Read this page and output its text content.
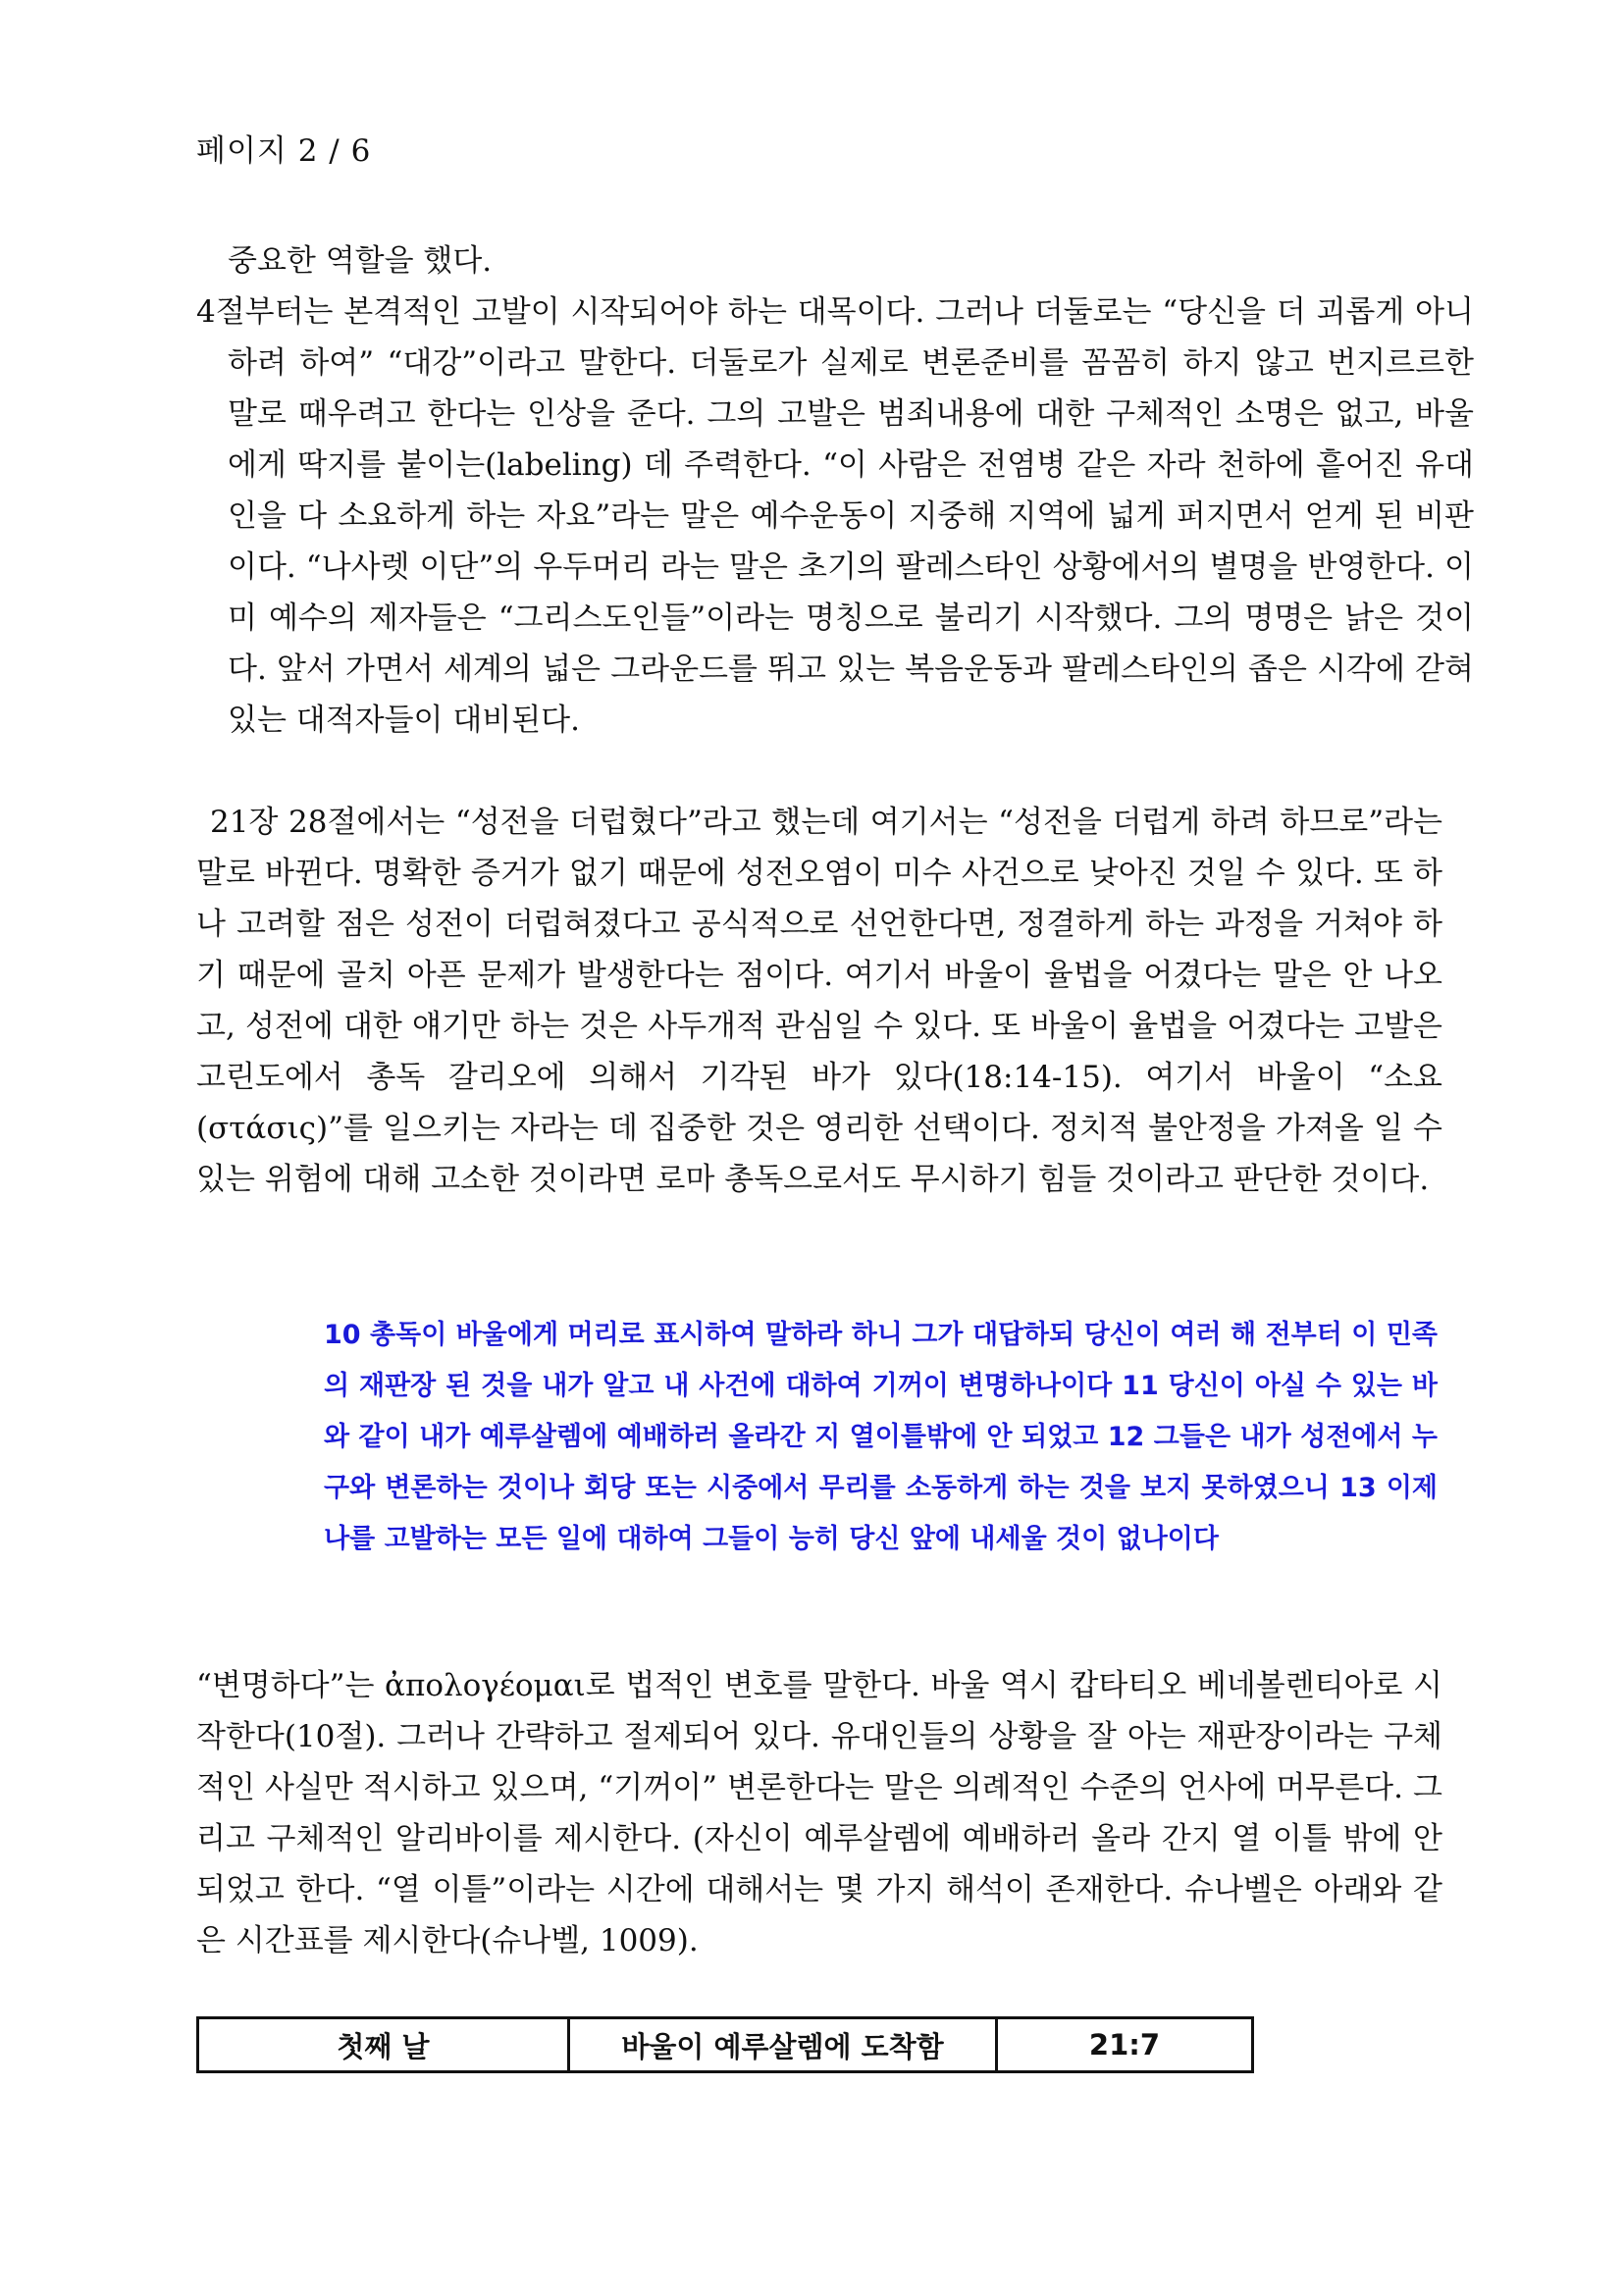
페이지 2 / 6
중요한 역할을 했다.
4절부터는 본격적인 고발이 시작되어야 하는 대목이다. 그러나 더둘로는 “당신을 더 괴롭게 아니하려 하여” “대강”이라고 말한다. 더둘로가 실제로 변론준비를 꼼꼼히 하지 않고 번지르르한 말로 때우려고 한다는 인상을 준다. 그의 고발은 범죄내용에 대한 구체적인 소명은 없고, 바울에게 딱지를 붙이는(labeling) 데 주력한다. “이 사람은 전염병 같은 자라 천하에 흩어진 유대인을 다 소요하게 하는 자요”라는 말은 예수운동이 지중해 지역에 넓게 퍼지면서 얻게 된 비판이다. “나사렛 이단”의 우두머리 라는 말은 초기의 팔레스타인 상황에서의 별명을 반영한다. 이미 예수의 제자들은 “그리스도인들”이라는 명칭으로 불리기 시작했다. 그의 명명은 낡은 것이다. 앞서 가면서 세계의 넓은 그라운드를 뛰고 있는 복음운동과 팔레스타인의 좁은 시각에 갇혀 있는 대적자들이 대비된다.
21장 28절에서는 “성전을 더럽혔다”라고 했는데 여기서는 “성전을 더럽게 하려 하므로”라는 말로 바뀐다. 명확한 증거가 없기 때문에 성전오염이 미수 사건으로 낮아진 것일 수 있다. 또 하나 고려할 점은 성전이 더럽혀졌다고 공식적으로 선언한다면, 정결하게 하는 과정을 거쳐야 하기 때문에 골치 아픈 문제가 발생한다는 점이다. 여기서 바울이 율법을 어겼다는 말은 안 나오고, 성전에 대한 얘기만 하는 것은 사두개적 관심일 수 있다. 또 바울이 율법을 어겼다는 고발은 고린도에서 총독 갈리오에 의해서 기각된 바가 있다(18:14-15). 여기서 바울이 “소요(στάσις)”를 일으키는 자라는 데 집중한 것은 영리한 선택이다. 정치적 불안정을 가져올 일 수 있는 위험에 대해 고소한 것이라면 로마 총독으로서도 무시하기 힘들 것이라고 판단한 것이다.
10 총독이 바울에게 머리로 표시하여 말하라 하니 그가 대답하되 당신이 여러 해 전부터 이 민족의 재판장 된 것을 내가 알고 내 사건에 대하여 기꺼이 변명하나이다 11 당신이 아실 수 있는 바와 같이 내가 예루살렘에 예배하러 올라간 지 열이틀밖에 안 되었고 12 그들은 내가 성전에서 누구와 변론하는 것이나 회당 또는 시중에서 무리를 소동하게 하는 것을 보지 못하였으니 13 이제 나를 고발하는 모든 일에 대하여 그들이 능히 당신 앞에 내세울 것이 없나이다
“변명하다”는 ἀπολογέομαι로 법적인 변호를 말한다. 바울 역시 캅타티오 베네볼렌티아로 시작한다(10절). 그러나 간략하고 절제되어 있다. 유대인들의 상황을 잘 아는 재판장이라는 구체적인 사실만 적시하고 있으며, “기꺼이” 변론한다는 말은 의례적인 수준의 언사에 머무른다. 그리고 구체적인 알리바이를 제시한다. (자신이 예루살렘에 예배하러 올라 간지 열 이틀 밖에 안 되었고 한다. “열 이틀”이라는 시간에 대해서는 몇 가지 해석이 존재한다. 슈나벨은 아래와 같은 시간표를 제시한다(슈나벨, 1009).
첫째 날	바울이 예루살렘에 도착함	21:7
